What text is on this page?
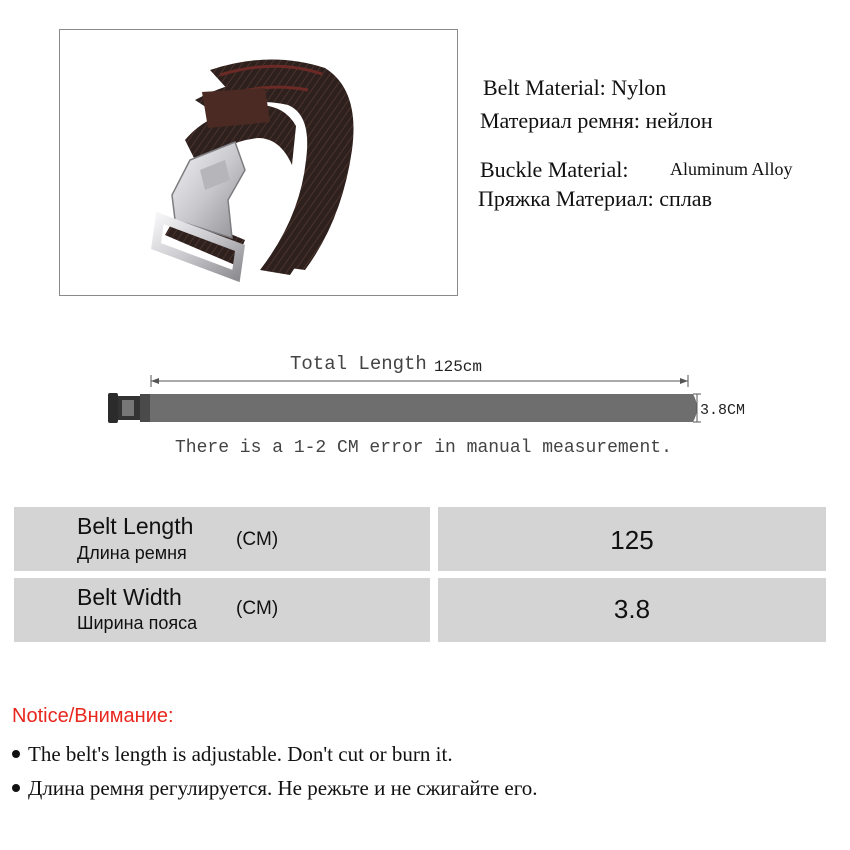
Belt Material: Nylon
Материал ремня: нейлон
Buckle Material: Aluminum Alloy
Пряжка Материал: сплав
Total Length 125cm
3.8CM
There is a 1-2 CM error in manual measurement.
Belt Length
Длина ремня
(CM)	125
Belt Width
Ширина пояса
(CM)	3.8
Notice/Внимание:
The belt's length is adjustable. Don't cut or burn it.
Длина ремня регулируется. Не режьте и не сжигайте его.
